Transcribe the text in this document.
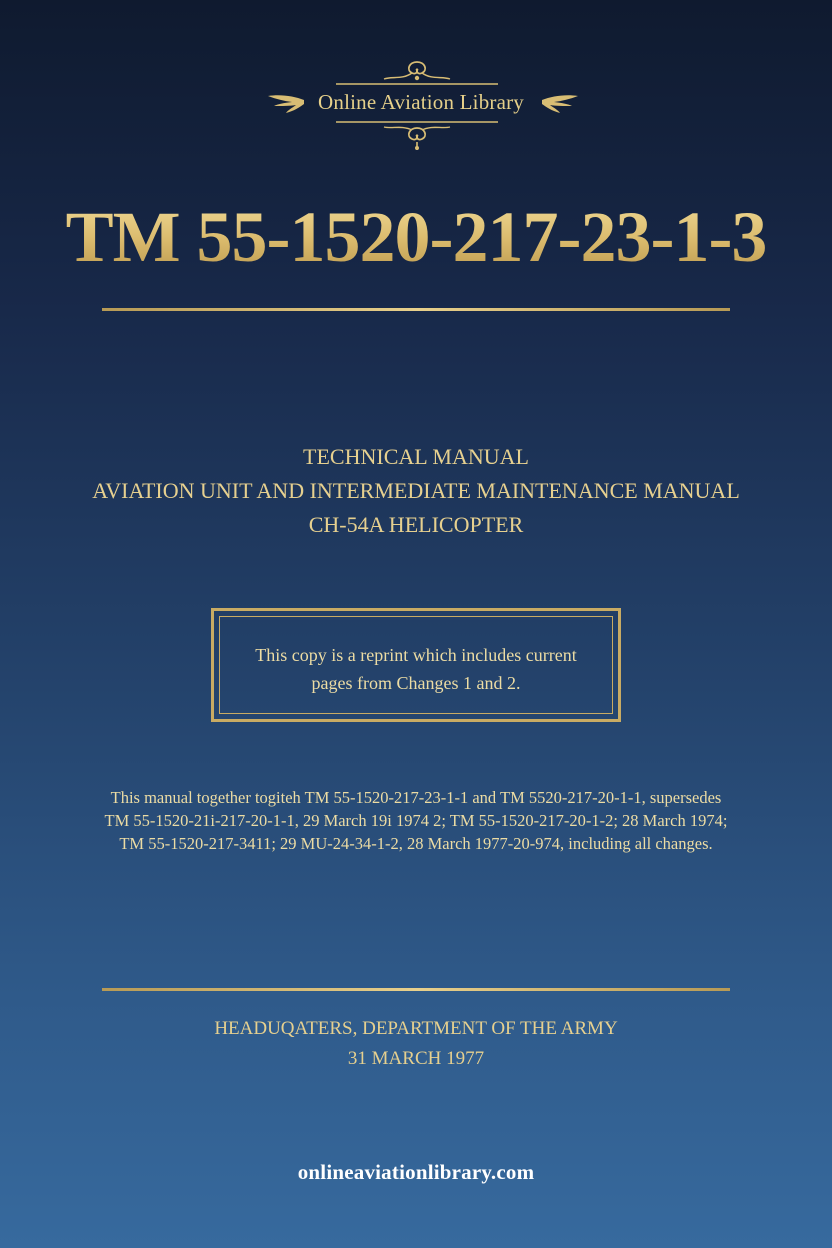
Online Aviation Library
TM 55-1520-217-23-1-3
TECHNICAL MANUAL
AVIATION UNIT AND INTERMEDIATE MAINTENANCE MANUAL
CH-54A HELICOPTER
This copy is a reprint which includes current
pages from Changes 1 and 2.
This manual together togiteh TM 55-1520-217-23-1-1 and TM 5520-217-20-1-1, supersedes
TM 55-1520-21i-217-20-1-1, 29 March 19i 1974 2; TM 55-1520-217-20-1-2; 28 March 1974;
TM 55-1520-217-3411; 29 MU-24-34-1-2, 28 March 1977-20-974, including all changes.
HEADUQATERS, DEPARTMENT OF THE ARMY
31 MARCH 1977
onlineaviationlibrary.com
